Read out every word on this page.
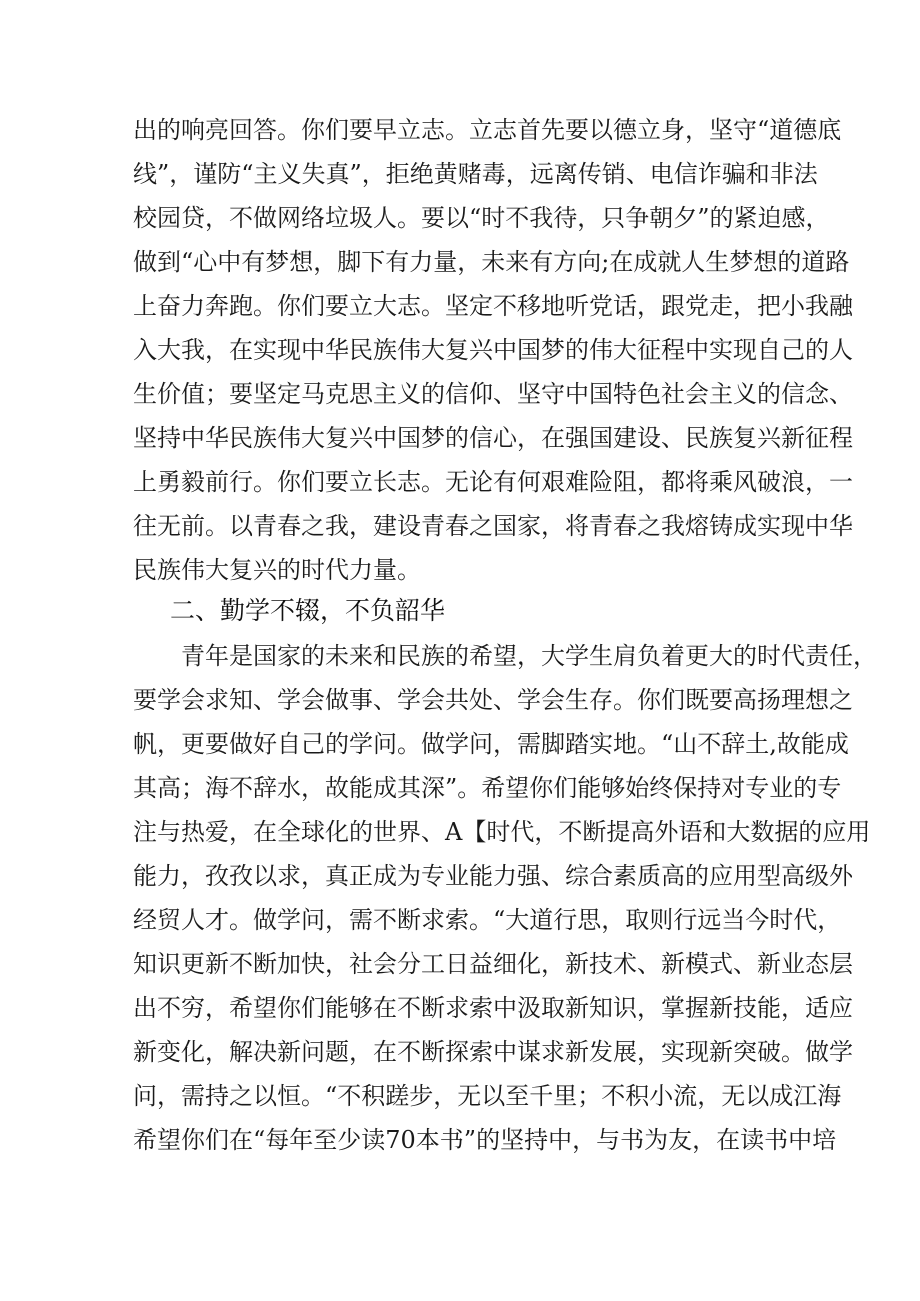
出的响亮回答。你们要早立志。立志首先要以德立身，坚守“道德底
线”，谨防“主义失真”，拒绝黄赌毒，远离传销、电信诈骗和非法
校园贷，不做网络垃圾人。要以“时不我待，只争朝夕”的紧迫感，
做到“心中有梦想，脚下有力量，未来有方向;在成就人生梦想的道路
上奋力奔跑。你们要立大志。坚定不移地听党话，跟党走，把小我融
入大我，在实现中华民族伟大复兴中国梦的伟大征程中实现自己的人
生价值；要坚定马克思主义的信仰、坚守中国特色社会主义的信念、
坚持中华民族伟大复兴中国梦的信心，在强国建设、民族复兴新征程
上勇毅前行。你们要立长志。无论有何艰难险阻，都将乘风破浪，一
往无前。以青春之我，建设青春之国家，将青春之我熔铸成实现中华
民族伟大复兴的时代力量。
二、勤学不辍，不负韶华
青年是国家的未来和民族的希望，大学生肩负着更大的时代责任，
要学会求知、学会做事、学会共处、学会生存。你们既要高扬理想之
帆，更要做好自己的学问。做学问，需脚踏实地。“山不辞土,故能成
其高；海不辞水，故能成其深”。希望你们能够始终保持对专业的专
注与热爱，在全球化的世界、A【时代，不断提高外语和大数据的应用
能力，孜孜以求，真正成为专业能力强、综合素质高的应用型高级外
经贸人才。做学问，需不断求索。“大道行思，取则行远当今时代，
知识更新不断加快，社会分工日益细化，新技术、新模式、新业态层
出不穷，希望你们能够在不断求索中汲取新知识，掌握新技能，适应
新变化，解决新问题，在不断探索中谋求新发展，实现新突破。做学
问，需持之以恒。“不积蹉步，无以至千里；不积小流，无以成江海
希望你们在“每年至少读70本书”的坚持中，与书为友，在读书中培
